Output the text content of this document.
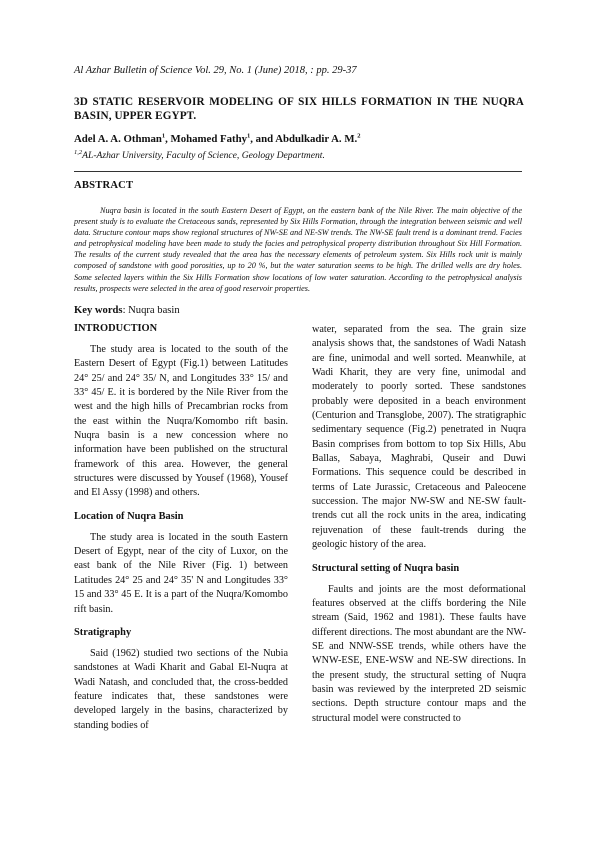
Al Azhar Bulletin of Science Vol. 29, No. 1 (June) 2018, : pp. 29-37
3D STATIC RESERVOIR MODELING OF SIX HILLS FORMATION IN THE NUQRA BASIN, UPPER EGYPT.
Adel A. A. Othman$^1$, Mohamed Fathy$^1$, and Abdulkadir A. M.$^2$
$^{1,2}$AL-Azhar University, Faculty of Science, Geology Department.
ABSTRACT
Nuqra basin is located in the south Eastern Desert of Egypt, on the eastern bank of the Nile River. The main objective of the present study is to evaluate the Cretaceous sands, represented by Six Hills Formation, through the integration between seismic and well data. Structure contour maps show regional structures of NW-SE and NE-SW trends. The NW-SE fault trend is a dominant trend. Facies and petrophysical modeling have been made to study the facies and petrophysical property distribution throughout Six Hill Formation. The results of the current study revealed that the area has the necessary elements of petroleum system. Six Hills rock unit is mainly composed of sandstone with good porosities, up to 20 %, but the water saturation seems to be high. The drilled wells are dry holes. Some selected layers within the Six Hills Formation show locations of low water saturation. According to the petrophysical analysis results, prospects were selected in the area of good reservoir properties.
Key words: Nuqra basin
INTRODUCTION

The study area is located to the south of the Eastern Desert of Egypt (Fig.1) between Latitudes 24° 25/ and 24° 35/ N, and Longitudes 33° 15/ and 33° 45/ E. it is bordered by the Nile River from the west and the high hills of Precambrian rocks from the east within the Nuqra/Komombo rift basin. Nuqra basin is a new concession where no information have been published on the structural framework of this area. However, the general structures were discussed by Yousef (1968), Yousef and El Assy (1998) and others.

Location of Nuqra Basin

The study area is located in the south Eastern Desert of Egypt, near of the city of Luxor, on the east bank of the Nile River (Fig. 1) between Latitudes 24° 25 and 24° 35' N and Longitudes 33° 15 and 33° 45 E. It is a part of the Nuqra/Komombo rift basin.

Stratigraphy

Said (1962) studied two sections of the Nubia sandstones at Wadi Kharit and Gabal El-Nuqra at Wadi Natash, and concluded that, the cross-bedded feature indicates that, these sandstones were developed largely in the basins, characterized by standing bodies of

water, separated from the sea. The grain size analysis shows that, the sandstones of Wadi Natash are fine, unimodal and well sorted. Meanwhile, at Wadi Kharit, they are very fine, unimodal and moderately to poorly sorted. These sandstones probably were deposited in a beach environment (Centurion and Transglobe, 2007). The stratigraphic sedimentary sequence (Fig.2) penetrated in Nuqra Basin comprises from bottom to top Six Hills, Abu Ballas, Sabaya, Maghrabi, Quseir and Duwi Formations. This sequence could be described in terms of Late Jurassic, Cretaceous and Paleocene succession. The major NW-SW and NE-SW fault-trends cut all the rock units in the area, indicating rejuvenation of these fault-trends during the geologic history of the area.

Structural setting of Nuqra basin

Faults and joints are the most deformational features observed at the cliffs bordering the Nile stream (Said, 1962 and 1981). These faults have different directions. The most abundant are the NW-SE and NNW-SSE trends, while others have the WNW-ESE, ENE-WSW and NE-SW directions. In the present study, the structural setting of Nuqra basin was reviewed by the interpreted 2D seismic sections. Depth structure contour maps and the structural model were constructed to
